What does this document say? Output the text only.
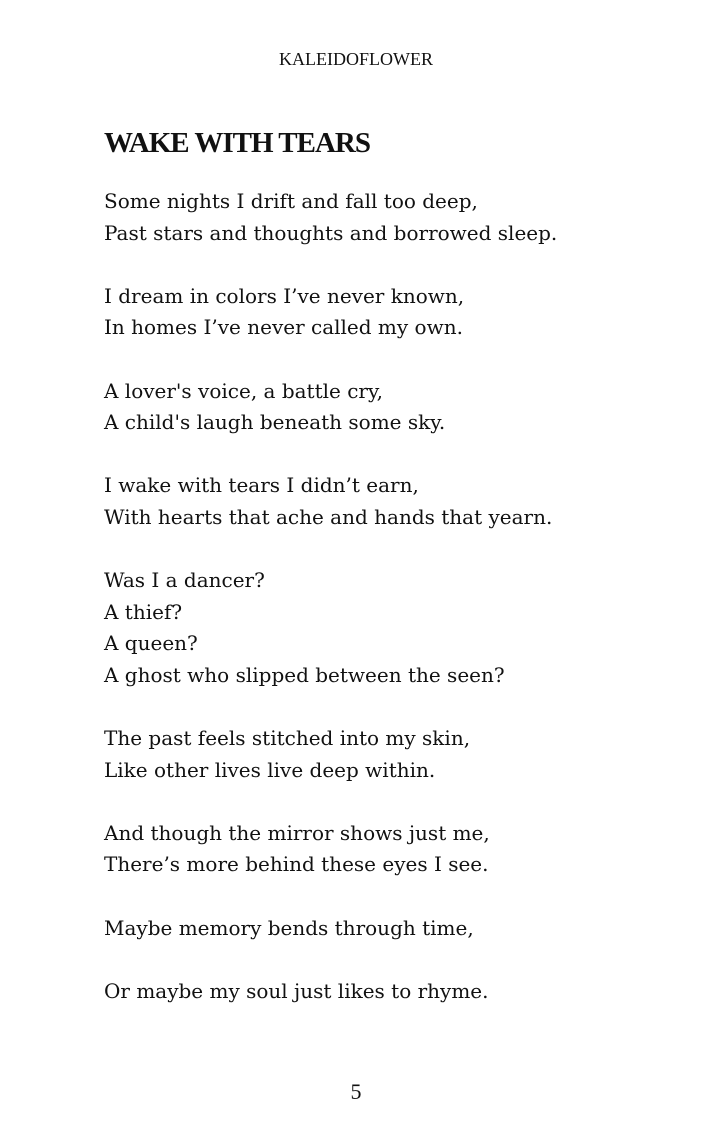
KALEIDOFLOWER
WAKE WITH TEARS

Some nights I drift and fall too deep,
Past stars and thoughts and borrowed sleep.

I dream in colors I’ve never known,
In homes I’ve never called my own.

A lover's voice, a battle cry,
A child's laugh beneath some sky.

I wake with tears I didn’t earn,
With hearts that ache and hands that yearn.

Was I a dancer?
A thief?
A queen?
A ghost who slipped between the seen?

The past feels stitched into my skin,
Like other lives live deep within.

And though the mirror shows just me,
There’s more behind these eyes I see.

Maybe memory bends through time,

Or maybe my soul just likes to rhyme.

5
